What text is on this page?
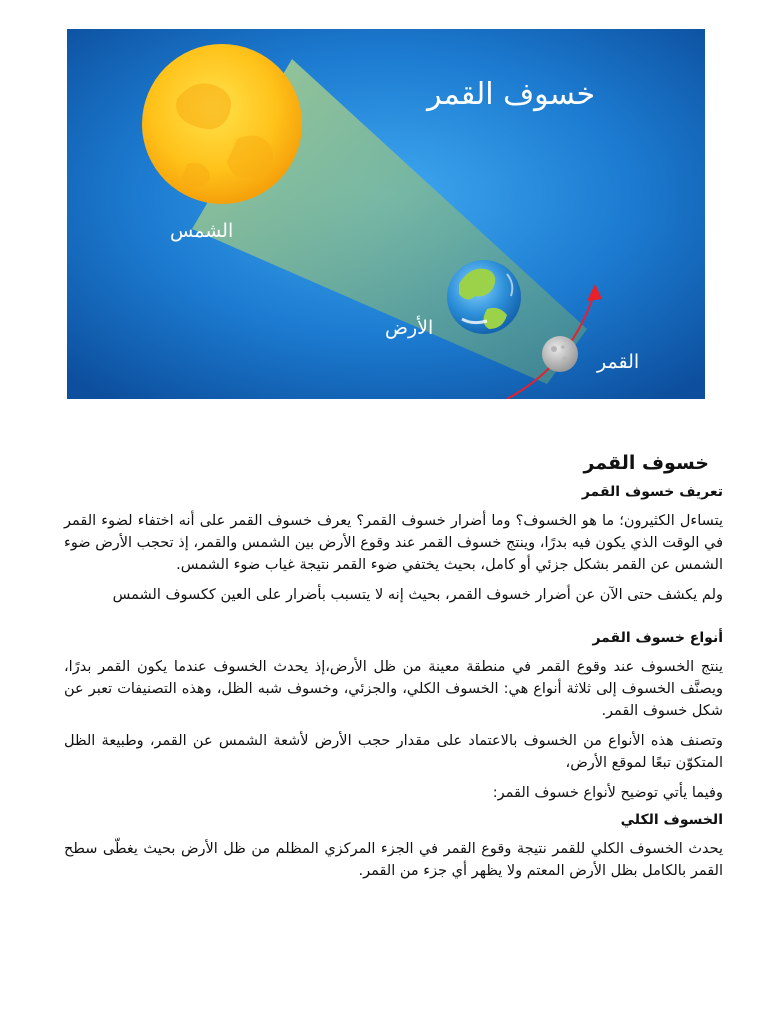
خسوف القمر
الشمس
الأرض
القمر
خسوف القمر
تعريف خسوف القمر

يتساءل الكثيرون؛ ما هو الخسوف؟ وما أضرار خسوف القمر؟ يعرف خسوف القمر على أنه اختفاء لضوء القمر في الوقت الذي يكون فيه بدرًا، وينتج خسوف القمر عند وقوع الأرض بين الشمس والقمر، إذ تحجب الأرض ضوء الشمس عن القمر بشكل جزئي أو كامل، بحيث يختفي ضوء القمر نتيجة غياب ضوء الشمس.

ولم يكشف حتى الآن عن أضرار خسوف القمر، بحيث إنه لا يتسبب بأضرار على العين ككسوف الشمس

أنواع خسوف القمر

ينتج الخسوف عند وقوع القمر في منطقة معينة من ظل الأرض،إذ يحدث الخسوف عندما يكون القمر بدرًا، ويصنَّف الخسوف إلى ثلاثة أنواع هي: الخسوف الكلي، والجزئي، وخسوف شبه الظل، وهذه التصنيفات تعبر عن شكل خسوف القمر.

وتصنف هذه الأنواع من الخسوف بالاعتماد على مقدار حجب الأرض لأشعة الشمس عن القمر، وطبيعة الظل المتكوّن تبعًا لموقع الأرض،

وفيما يأتي توضيح لأنواع خسوف القمر:

الخسوف الكلي

يحدث الخسوف الكلي للقمر نتيجة وقوع القمر في الجزء المركزي المظلم من ظل الأرض بحيث يغطّى سطح القمر بالكامل بظل الأرض المعتم ولا يظهر أي جزء من القمر.
